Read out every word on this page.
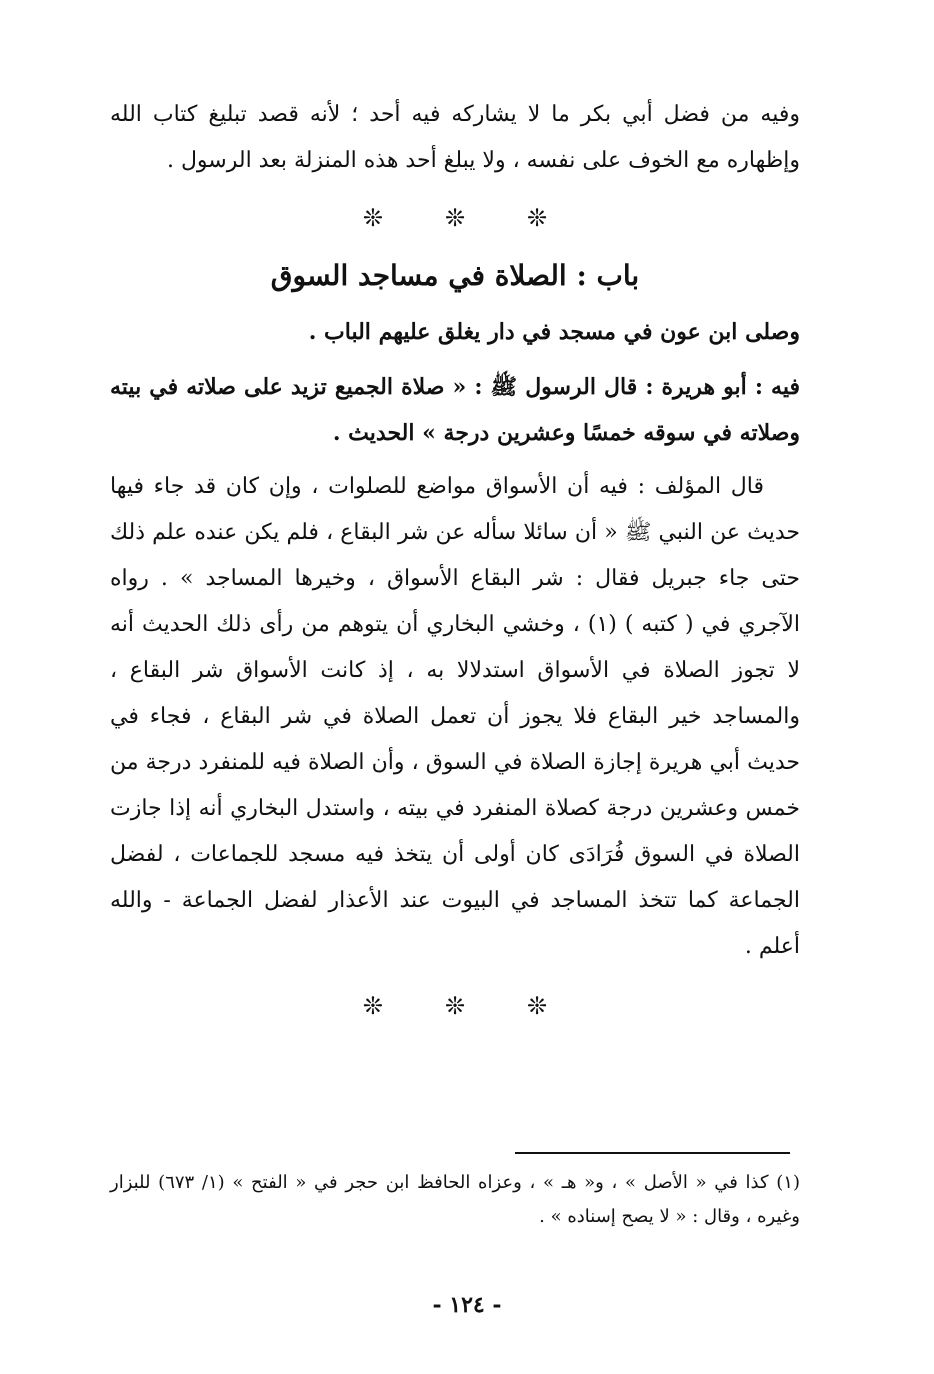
وفيه من فضل أبي بكر ما لا يشاركه فيه أحد ؛ لأنه قصد تبليغ كتاب الله وإظهاره مع الخوف على نفسه ، ولا يبلغ أحد هذه المنزلة بعد الرسول .

❊	❊	❊
باب : الصلاة في مساجد السوق

وصلى ابن عون في مسجد في دار يغلق عليهم الباب .

فيه : أبو هريرة : قال الرسول ﷺ : « صلاة الجميع تزيد على صلاته في بيته وصلاته في سوقه خمسًا وعشرين درجة » الحديث .

قال المؤلف : فيه أن الأسواق مواضع للصلوات ، وإن كان قد جاء فيها حديث عن النبي ﷺ « أن سائلا سأله عن شر البقاع ، فلم يكن عنده علم ذلك حتى جاء جبريل فقال : شر البقاع الأسواق ، وخيرها المساجد » . رواه الآجري في ( كتبه ) (١) ، وخشي البخاري أن يتوهم من رأى ذلك الحديث أنه لا تجوز الصلاة في الأسواق استدلالا به ، إذ كانت الأسواق شر البقاع ، والمساجد خير البقاع فلا يجوز أن تعمل الصلاة في شر البقاع ، فجاء في حديث أبي هريرة إجازة الصلاة في السوق ، وأن الصلاة فيه للمنفرد درجة من خمس وعشرين درجة كصلاة المنفرد في بيته ، واستدل البخاري أنه إذا جازت الصلاة في السوق فُرَادَى كان أولى أن يتخذ فيه مسجد للجماعات ، لفضل الجماعة كما تتخذ المساجد في البيوت عند الأعذار لفضل الجماعة - والله أعلم .

❊	❊	❊

(١) كذا في « الأصل » ، و« هـ » ، وعزاه الحافظ ابن حجر في « الفتح » (١/ ٦٧٣) للبزار وغيره ، وقال : « لا يصح إسناده » .

- ١٢٤ -
